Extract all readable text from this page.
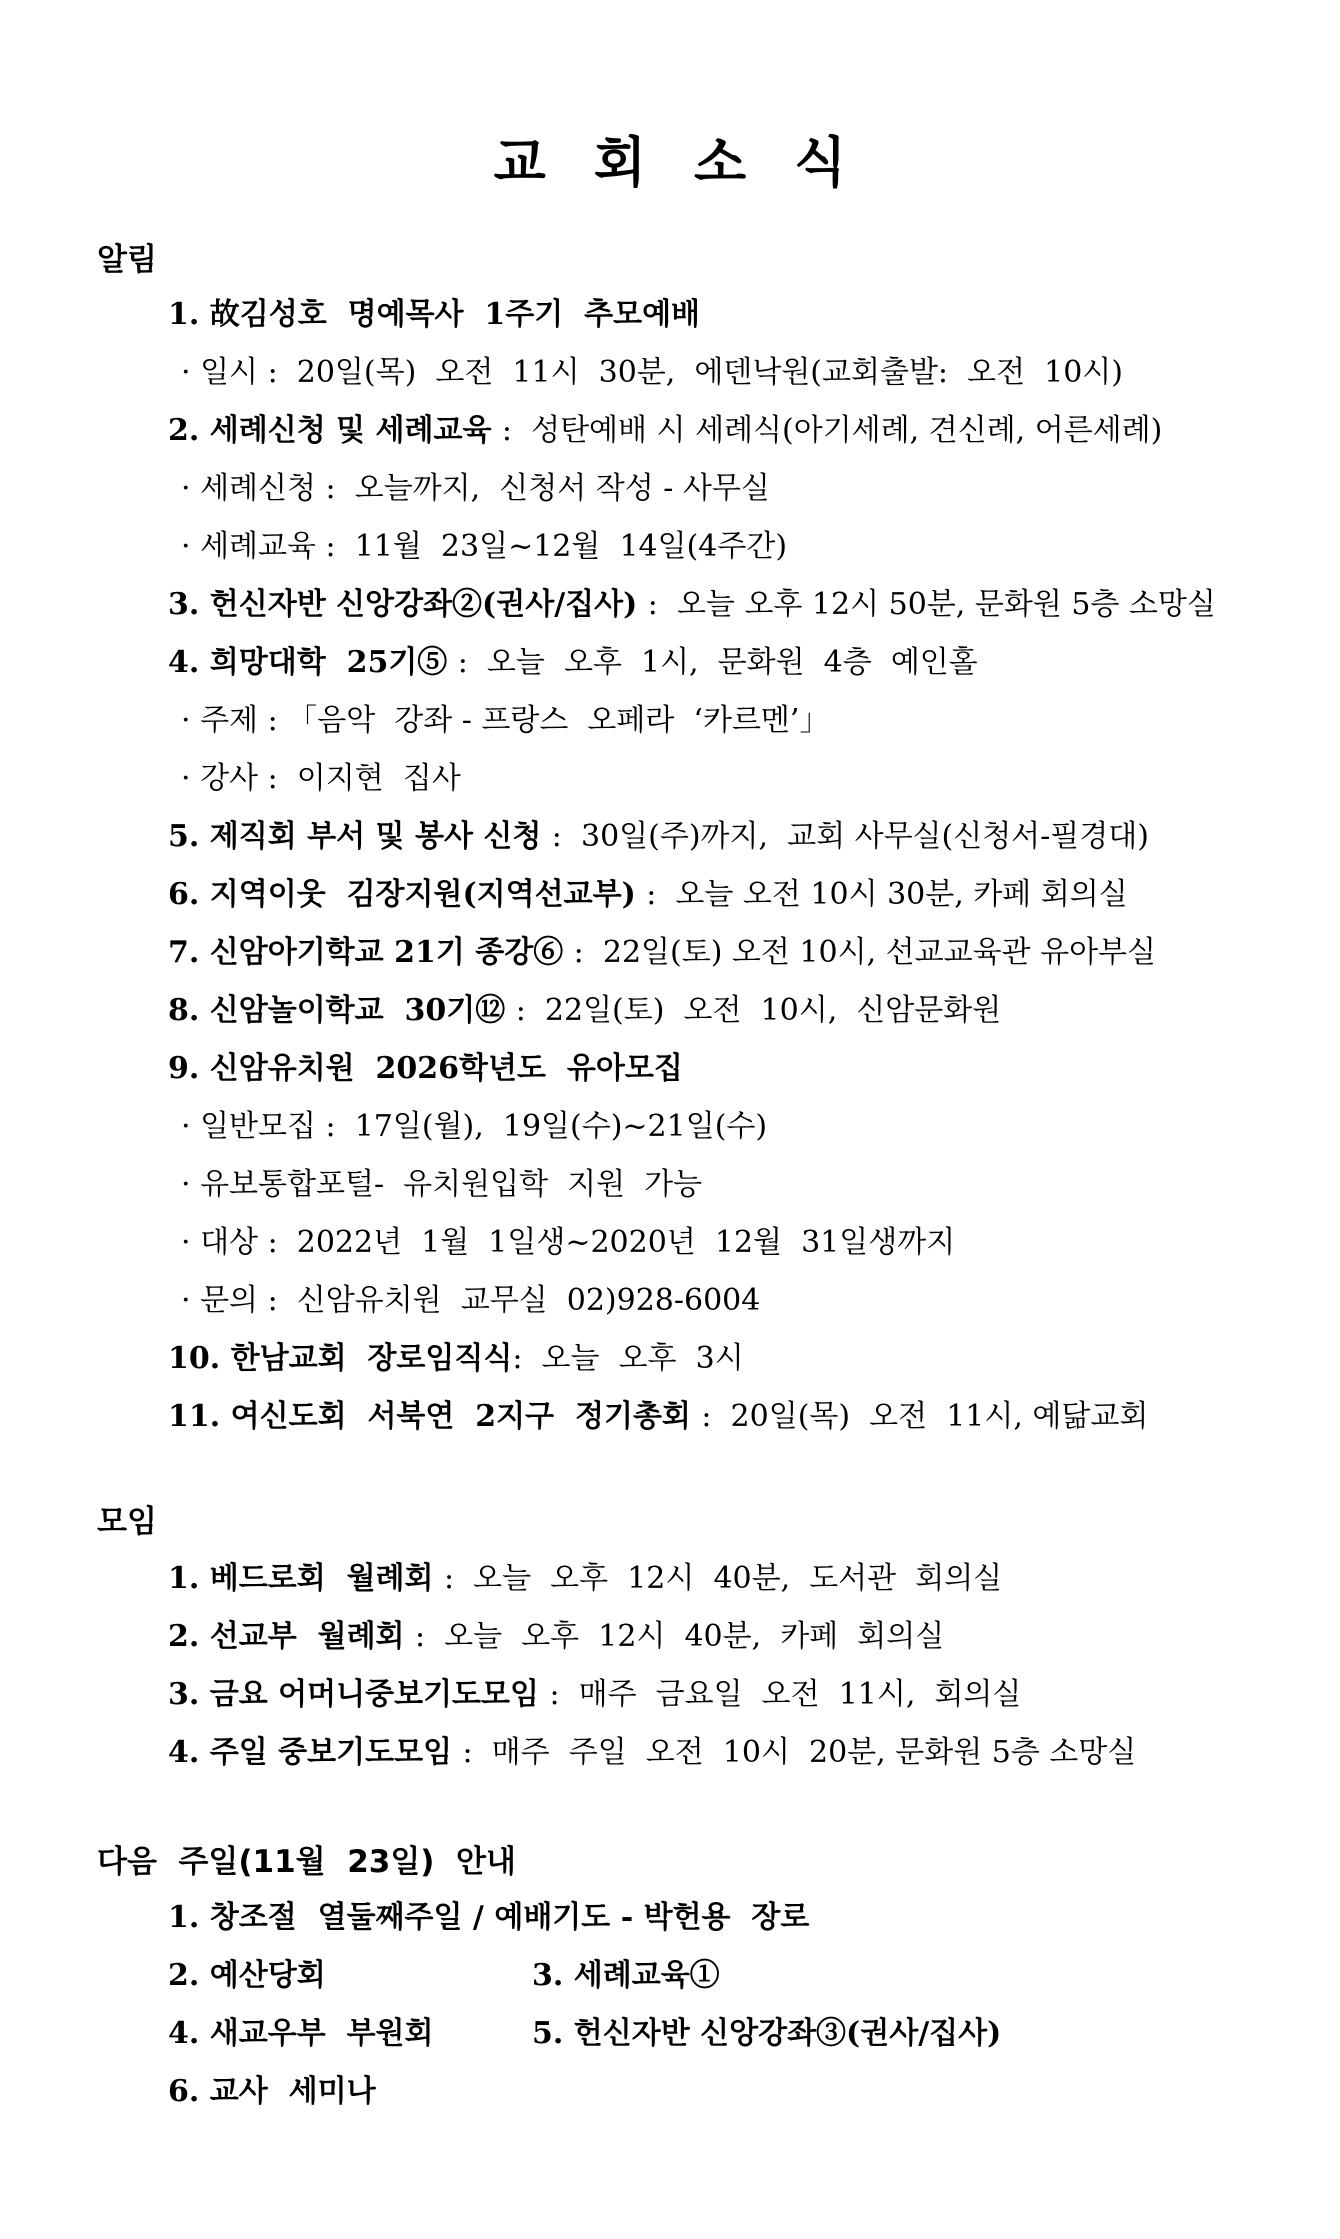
교 회 소 식
알림
1. 故김성호  명예목사  1주기  추모예배
· 일시 :  20일(목)  오전  11시  30분,  에덴낙원(교회출발:  오전  10시)
2. 세례신청 및 세례교육 :  성탄예배 시 세례식(아기세례, 견신례, 어른세례)
· 세례신청 :  오늘까지,  신청서 작성 - 사무실
· 세례교육 :  11월  23일~12월  14일(4주간)
3. 헌신자반 신앙강좌②(권사/집사) :  오늘 오후 12시 50분, 문화원 5층 소망실
4. 희망대학  25기⑤ :  오늘  오후  1시,  문화원  4층  예인홀
· 주제 : 「음악  강좌 - 프랑스  오페라  ‘카르멘’」
· 강사 :  이지현  집사
5. 제직회 부서 및 봉사 신청 :  30일(주)까지,  교회 사무실(신청서-필경대)
6. 지역이웃  김장지원(지역선교부) :  오늘 오전 10시 30분, 카페 회의실
7. 신암아기학교 21기 종강⑥ :  22일(토) 오전 10시, 선교교육관 유아부실
8. 신암놀이학교  30기⑫ :  22일(토)  오전  10시,  신암문화원
9. 신암유치원  2026학년도  유아모집
· 일반모집 :  17일(월),  19일(수)~21일(수)
· 유보통합포털-  유치원입학  지원  가능
· 대상 :  2022년  1월  1일생~2020년  12월  31일생까지
· 문의 :  신암유치원  교무실  02)928-6004
10. 한남교회  장로임직식:  오늘  오후  3시
11. 여신도회  서북연  2지구  정기총회 :  20일(목)  오전  11시, 예닮교회
모임
1. 베드로회  월례회 :  오늘  오후  12시  40분,  도서관  회의실
2. 선교부  월례회 :  오늘  오후  12시  40분,  카페  회의실
3. 금요 어머니중보기도모임 :  매주  금요일  오전  11시,  회의실
4. 주일 중보기도모임 :  매주  주일  오전  10시  20분, 문화원 5층 소망실
다음  주일(11월  23일)  안내
1. 창조절  열둘째주일 / 예배기도 - 박헌용  장로
2. 예산당회	3. 세례교육①
4. 새교우부  부원회	5. 헌신자반 신앙강좌③(권사/집사)
6. 교사  세미나
